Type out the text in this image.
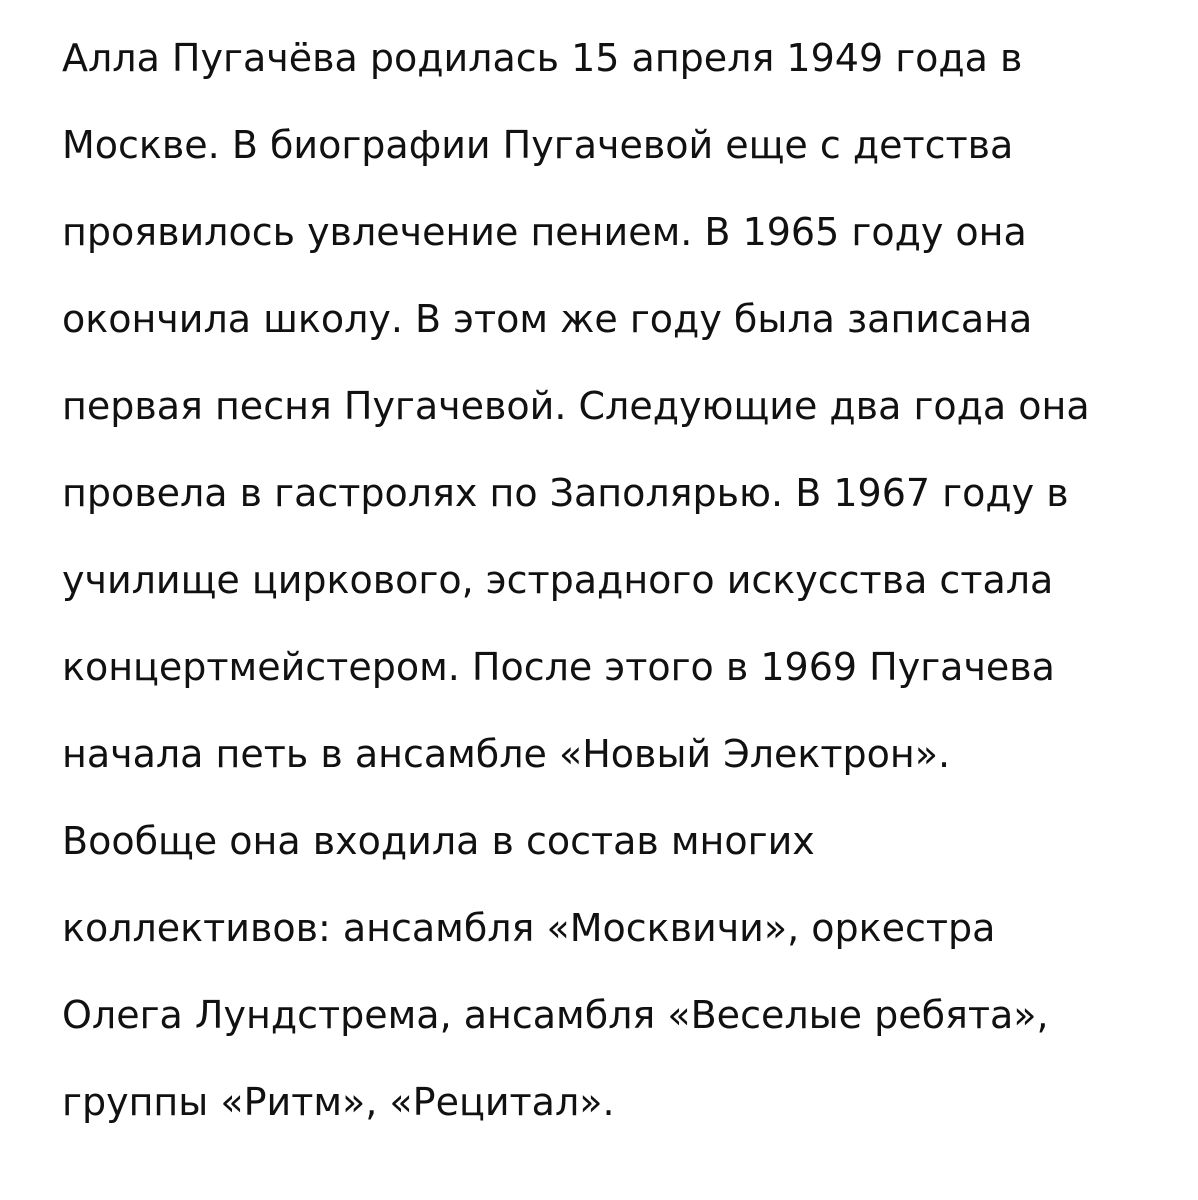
Алла Пугачёва родилась 15 апреля 1949 года в

Москве. В биографии Пугачевой еще с детства

проявилось увлечение пением. В 1965 году она

окончила школу. В этом же году была записана

первая песня Пугачевой. Следующие два года она

провела в гастролях по Заполярью. В 1967 году в

училище циркового, эстрадного искусства стала

концертмейстером. После этого в 1969 Пугачева

начала петь в ансамбле «Новый Электрон».

Вообще она входила в состав многих

коллективов: ансамбля «Москвичи», оркестра

Олега Лундстрема, ансамбля «Веселые ребята»,

группы «Ритм», «Рецитал».
